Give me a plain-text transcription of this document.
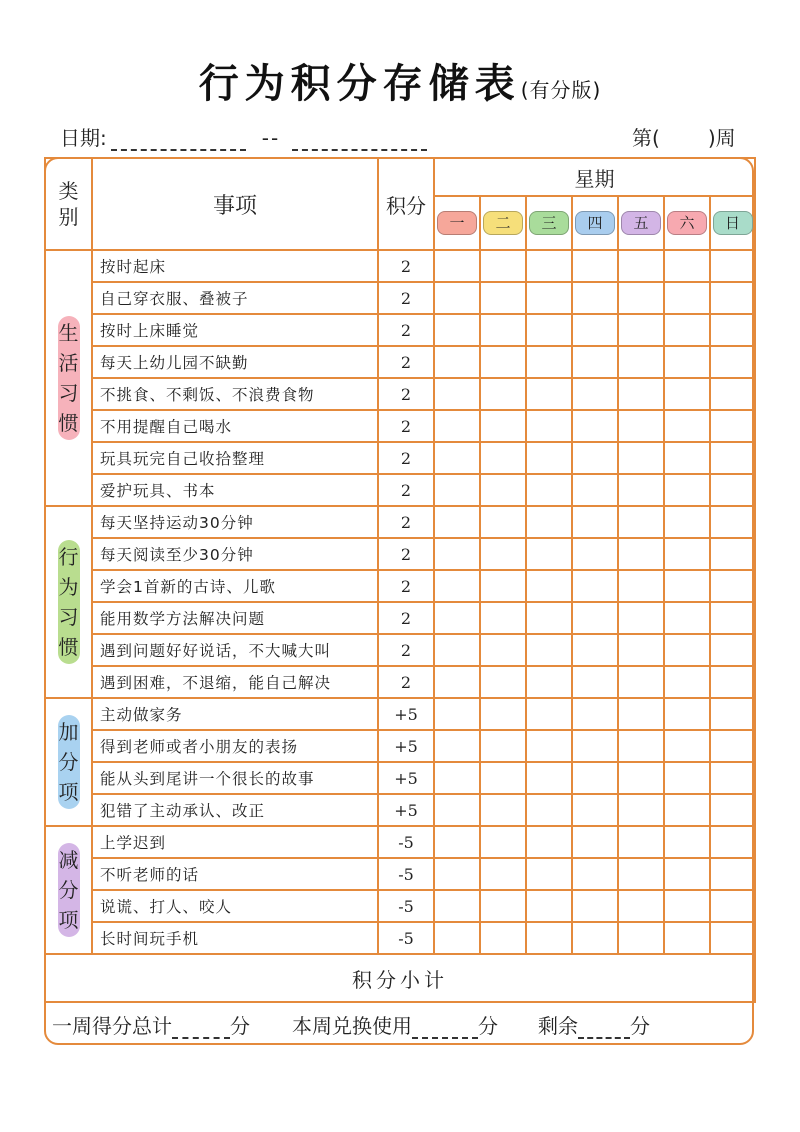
行为积分存储表(有分版)
日期:	--	第( )周
类别	事项	积分	星期						
			一	二	三	四	五	六	日
生活习惯	按时起床	2							
	自己穿衣服、叠被子	2							
	按时上床睡觉	2							
	每天上幼儿园不缺勤	2							
	不挑食、不剩饭、不浪费食物	2							
	不用提醒自己喝水	2							
	玩具玩完自己收拾整理	2							
	爱护玩具、书本	2							
行为习惯	每天坚持运动30分钟	2							
	每天阅读至少30分钟	2							
	学会1首新的古诗、儿歌	2							
	能用数学方法解决问题	2							
	遇到问题好好说话，不大喊大叫	2							
	遇到困难，不退缩，能自己解决	2							
加分项	主动做家务	+5							
	得到老师或者小朋友的表扬	+5							
	能从头到尾讲一个很长的故事	+5							
	犯错了主动承认、改正	+5							
减分项	上学迟到	-5							
	不听老师的话	-5							
	说谎、打人、咬人	-5							
	长时间玩手机	-5							
积分小计									
一周得分总计	分 本周兑换使用	分 剩余	分
